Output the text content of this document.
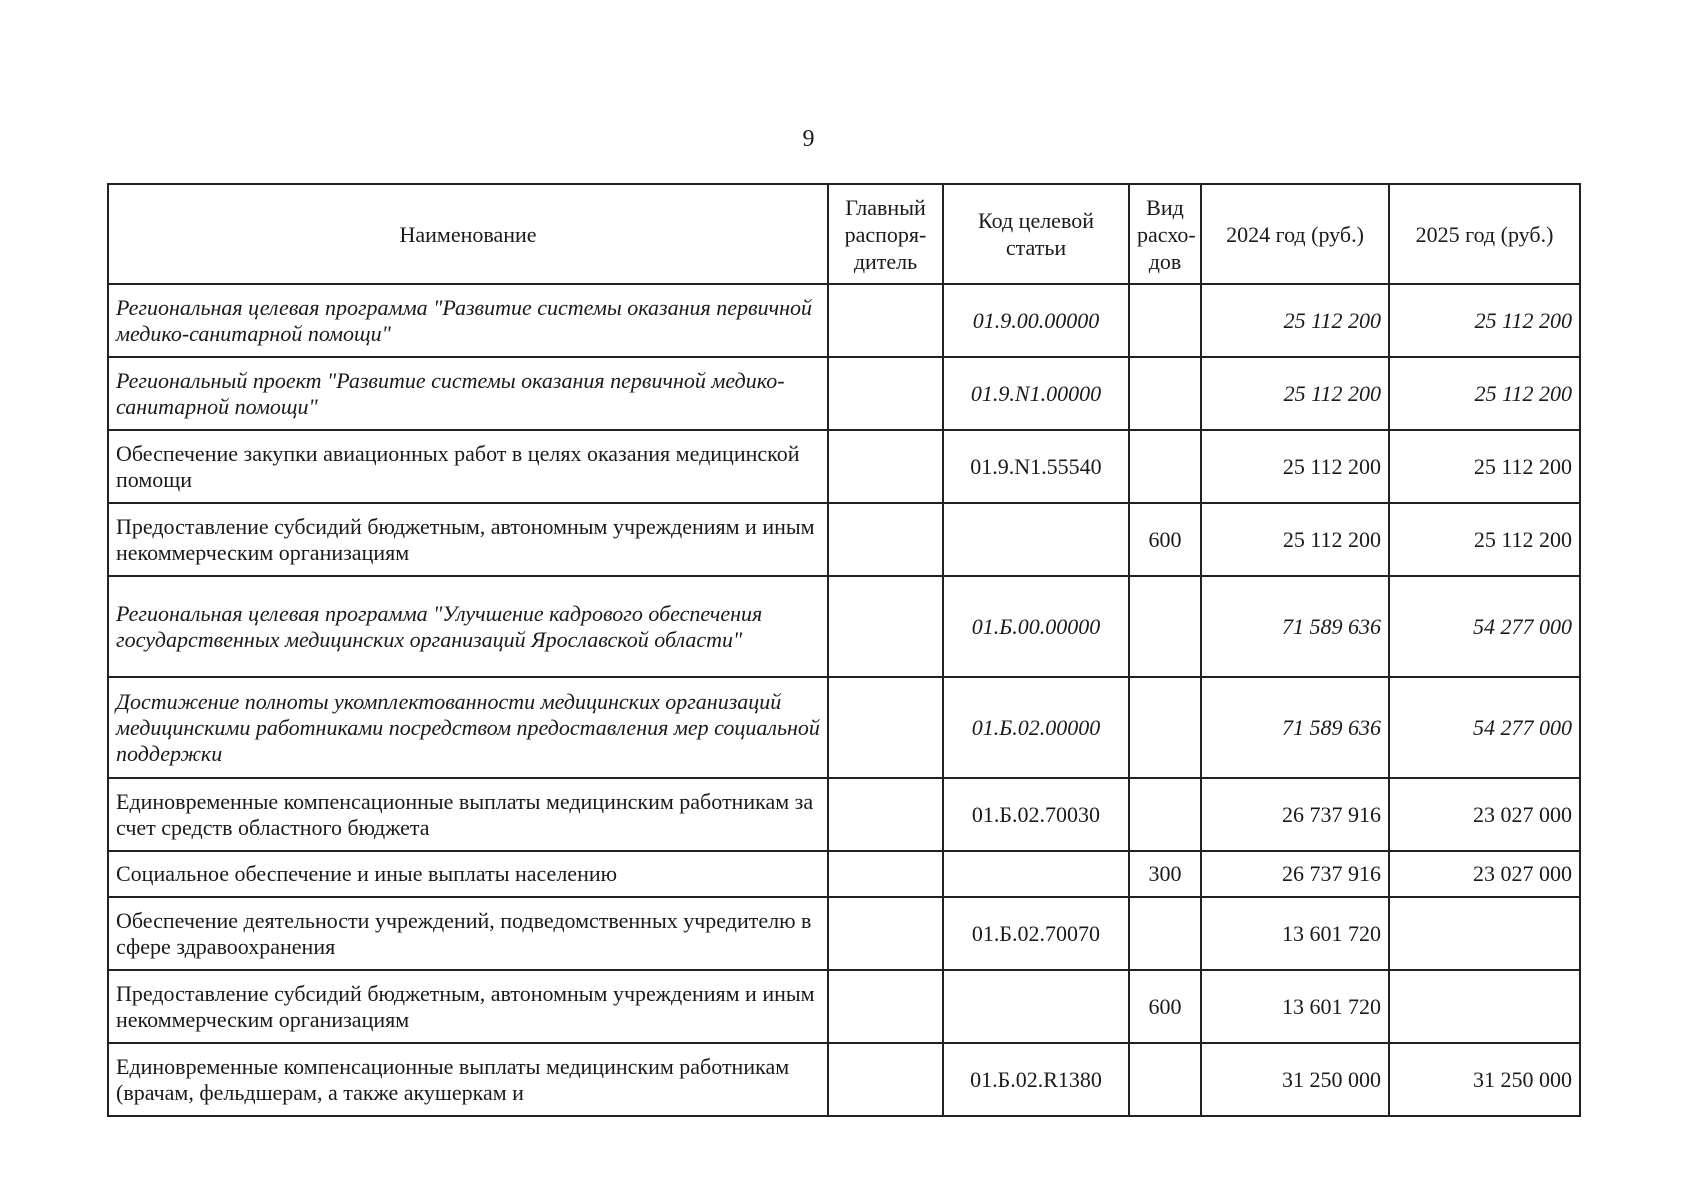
9
Наименование	Главный распоря-дитель	Код целевой статьи	Вид расхо-дов	2024 год (руб.)	2025 год (руб.)
Региональная целевая программа "Развитие системы оказания первичной медико-санитарной помощи"		01.9.00.00000		25 112 200	25 112 200
Региональный проект "Развитие системы оказания первичной медико-санитарной помощи"		01.9.N1.00000		25 112 200	25 112 200
Обеспечение закупки авиационных работ в целях оказания медицинской помощи		01.9.N1.55540		25 112 200	25 112 200
Предоставление субсидий бюджетным, автономным учреждениям и иным некоммерческим организациям			600	25 112 200	25 112 200
Региональная целевая программа "Улучшение кадрового обеспечения государственных медицинских организаций Ярославской области"		01.Б.00.00000		71 589 636	54 277 000
Достижение полноты укомплектованности медицинских организаций медицинскими работниками посредством предоставления мер социальной поддержки		01.Б.02.00000		71 589 636	54 277 000
Единовременные компенсационные выплаты медицинским работникам за счет средств областного бюджета		01.Б.02.70030		26 737 916	23 027 000
Социальное обеспечение и иные выплаты населению			300	26 737 916	23 027 000
Обеспечение деятельности учреждений, подведомственных учредителю в сфере здравоохранения		01.Б.02.70070		13 601 720	
Предоставление субсидий бюджетным, автономным учреждениям и иным некоммерческим организациям			600	13 601 720	
Единовременные компенсационные выплаты медицинским работникам (врачам, фельдшерам, а также акушеркам и		01.Б.02.R1380		31 250 000	31 250 000
